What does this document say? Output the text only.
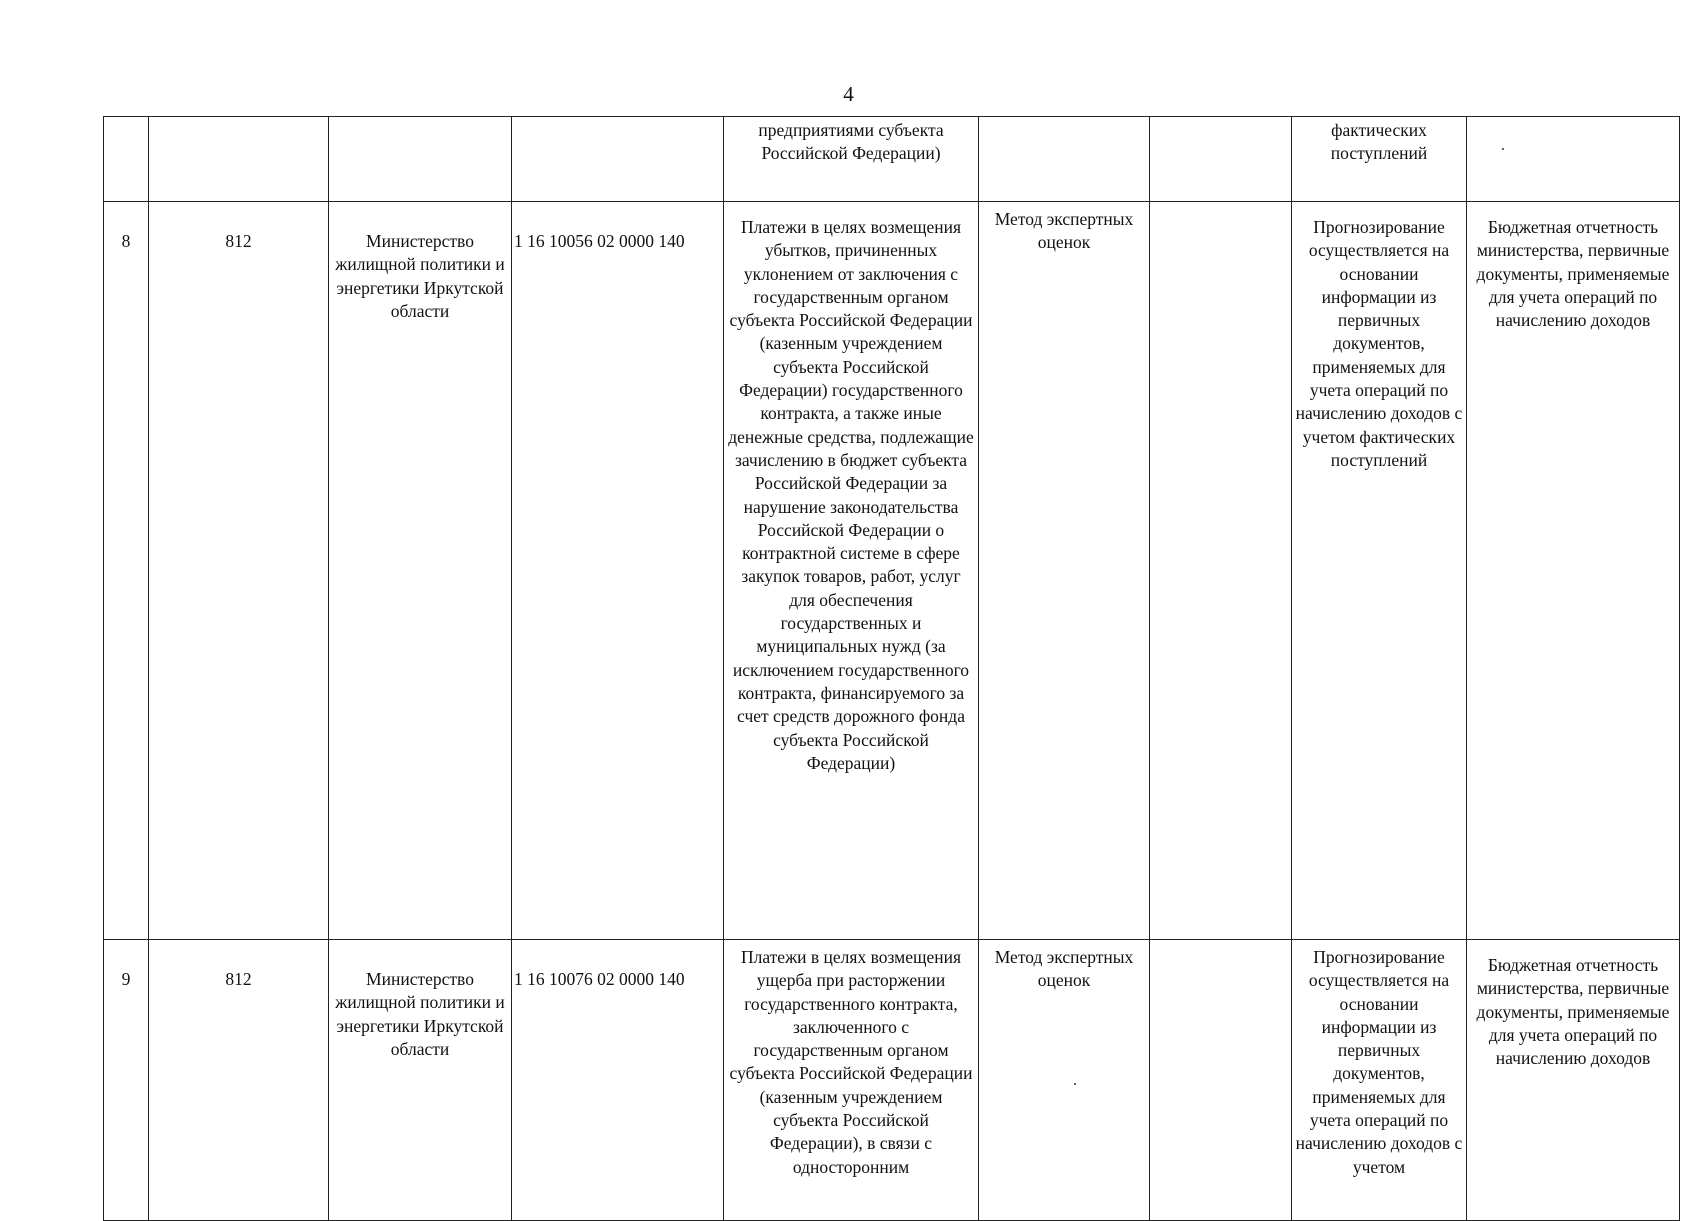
4
				предприятиями субъекта Российской Федерации)			фактических поступлений	
8	812	Министерство жилищной политики и энергетики Иркутской области	1 16 10056 02 0000 140	Платежи в целях возмещения убытков, причиненных уклонением от заключения с государственным органом субъекта Российской Федерации (казенным учреждением субъекта Российской Федерации) государственного контракта, а также иные денежные средства, подлежащие зачислению в бюджет субъекта Российской Федерации за нарушение законодательства Российской Федерации о контрактной системе в сфере закупок товаров, работ, услуг для обеспечения государственных и муниципальных нужд (за исключением государственного контракта, финансируемого за счет средств дорожного фонда субъекта Российской Федерации)	Метод экспертных оценок		Прогнозирование осуществляется на основании информации из первичных документов, применяемых для учета операций по начислению доходов с учетом фактических поступлений	Бюджетная отчетность министерства, первичные документы, применяемые для учета операций по начислению доходов
9	812	Министерство жилищной политики и энергетики Иркутской области	1 16 10076 02 0000 140	Платежи в целях возмещения ущерба при расторжении государственного контракта, заключенного с государственным органом субъекта Российской Федерации (казенным учреждением субъекта Российской Федерации), в связи с односторонним	Метод экспертных оценок		Прогнозирование осуществляется на основании информации из первичных документов, применяемых для учета операций по начислению доходов с учетом	Бюджетная отчетность министерства, первичные документы, применяемые для учета операций по начислению доходов
